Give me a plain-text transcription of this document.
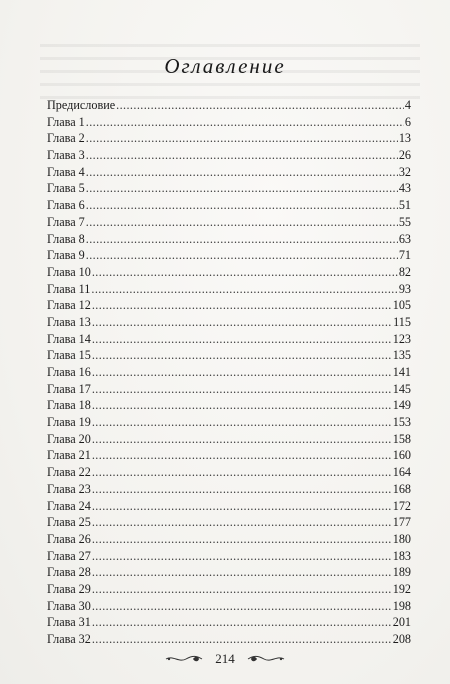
Оглавление
Предисловие .....	4
Глава 1 .....	6
Глава 2 .....	13
Глава 3 .....	26
Глава 4 .....	32
Глава 5 .....	43
Глава 6 .....	51
Глава 7 .....	55
Глава 8 .....	63
Глава 9 .....	71
Глава 10 .....	82
Глава 11 .....	93
Глава 12 .....	105
Глава 13 .....	115
Глава 14 .....	123
Глава 15 .....	135
Глава 16 .....	141
Глава 17 .....	145
Глава 18 .....	149
Глава 19 .....	153
Глава 20 .....	158
Глава 21 .....	160
Глава 22 .....	164
Глава 23 .....	168
Глава 24 .....	172
Глава 25 .....	177
Глава 26 .....	180
Глава 27 .....	183
Глава 28 .....	189
Глава 29 .....	192
Глава 30 .....	198
Глава 31 .....	201
Глава 32 .....	208
214
